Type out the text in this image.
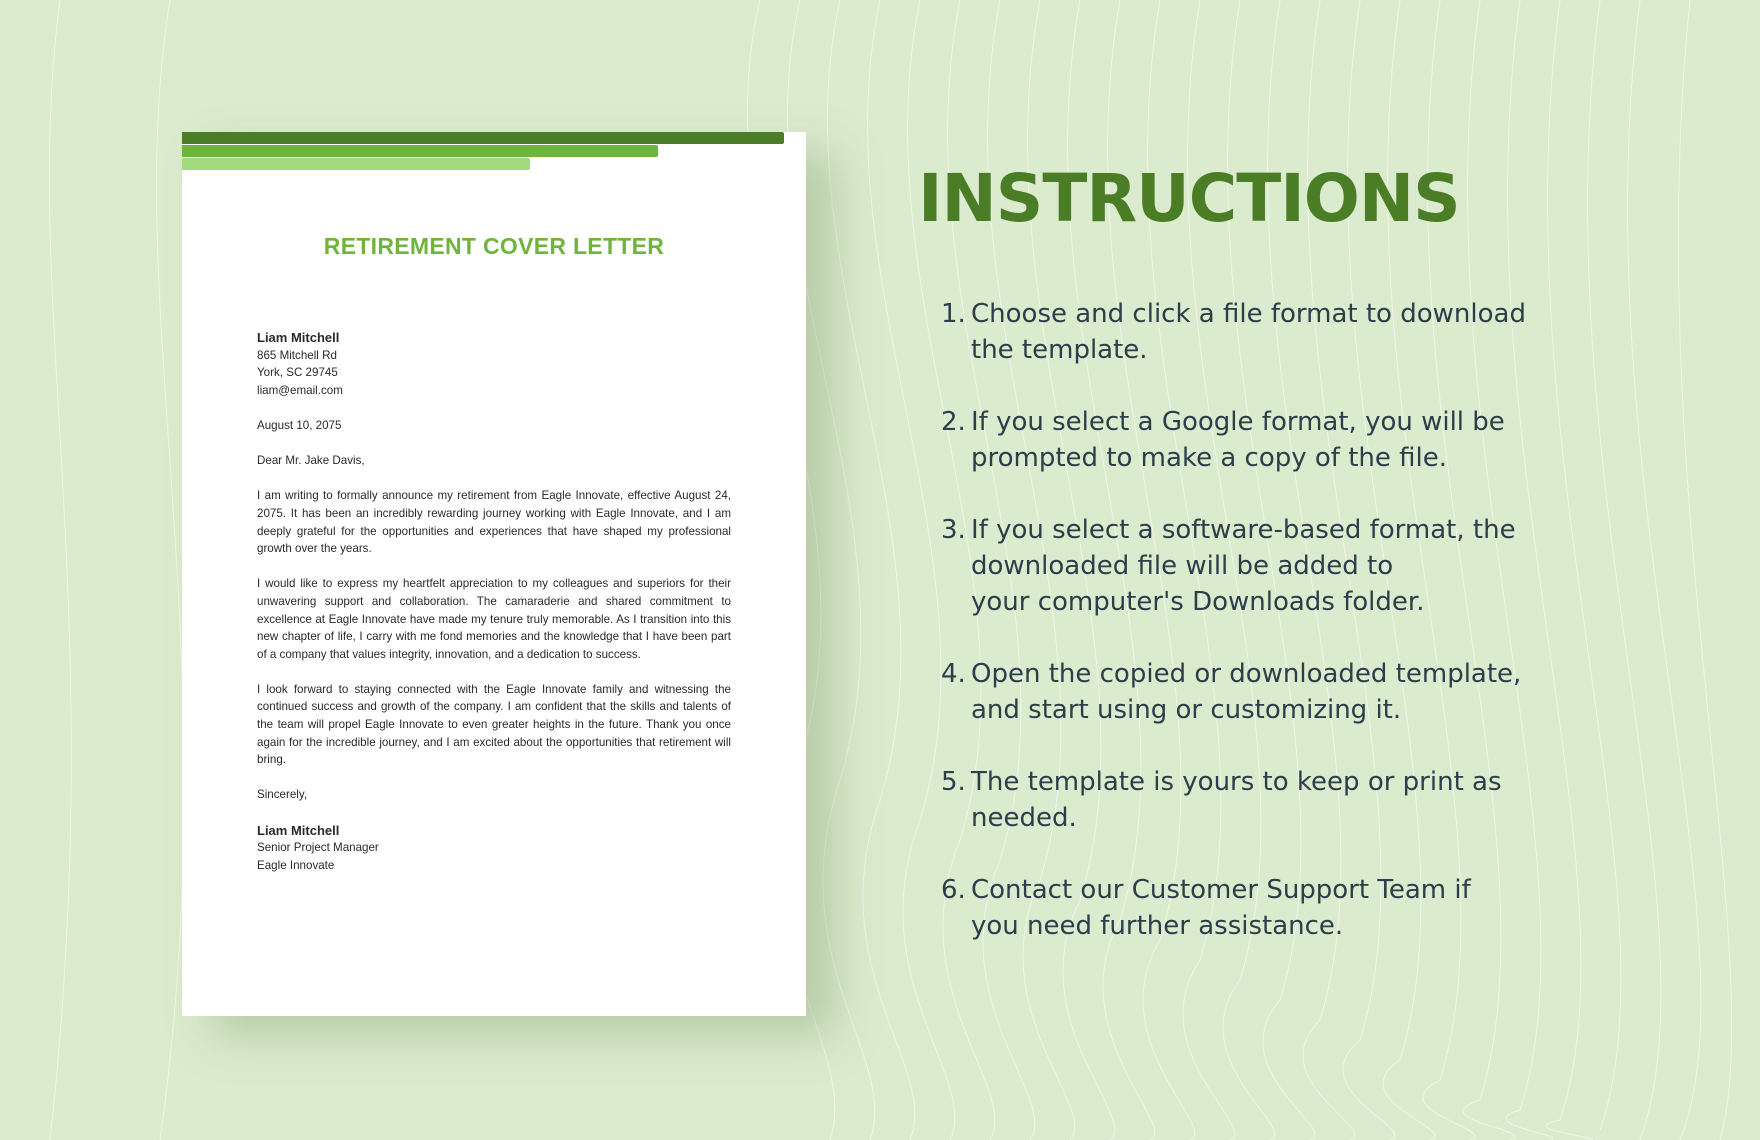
RETIREMENT COVER LETTER
Liam Mitchell
865 Mitchell Rd
York, SC 29745
liam@email.com

August 10, 2075

Dear Mr. Jake Davis,

I am writing to formally announce my retirement from Eagle Innovate, effective August 24, 2075. It has been an incredibly rewarding journey working with Eagle Innovate, and I am deeply grateful for the opportunities and experiences that have shaped my professional growth over the years.

I would like to express my heartfelt appreciation to my colleagues and superiors for their unwavering support and collaboration. The camaraderie and shared commitment to excellence at Eagle Innovate have made my tenure truly memorable. As I transition into this new chapter of life, I carry with me fond memories and the knowledge that I have been part of a company that values integrity, innovation, and a dedication to success.

I look forward to staying connected with the Eagle Innovate family and witnessing the continued success and growth of the company. I am confident that the skills and talents of the team will propel Eagle Innovate to even greater heights in the future. Thank you once again for the incredible journey, and I am excited about the opportunities that retirement will bring.

Sincerely,

Liam Mitchell
Senior Project Manager
Eagle Innovate
INSTRUCTIONS
1. Choose and click a file format to download
the template.
2. If you select a Google format, you will be
prompted to make a copy of the file.
3. If you select a software-based format, the
downloaded file will be added to
your computer's Downloads folder.
4. Open the copied or downloaded template,
and start using or customizing it.
5. The template is yours to keep or print as
needed.
6. Contact our Customer Support Team if
you need further assistance.
